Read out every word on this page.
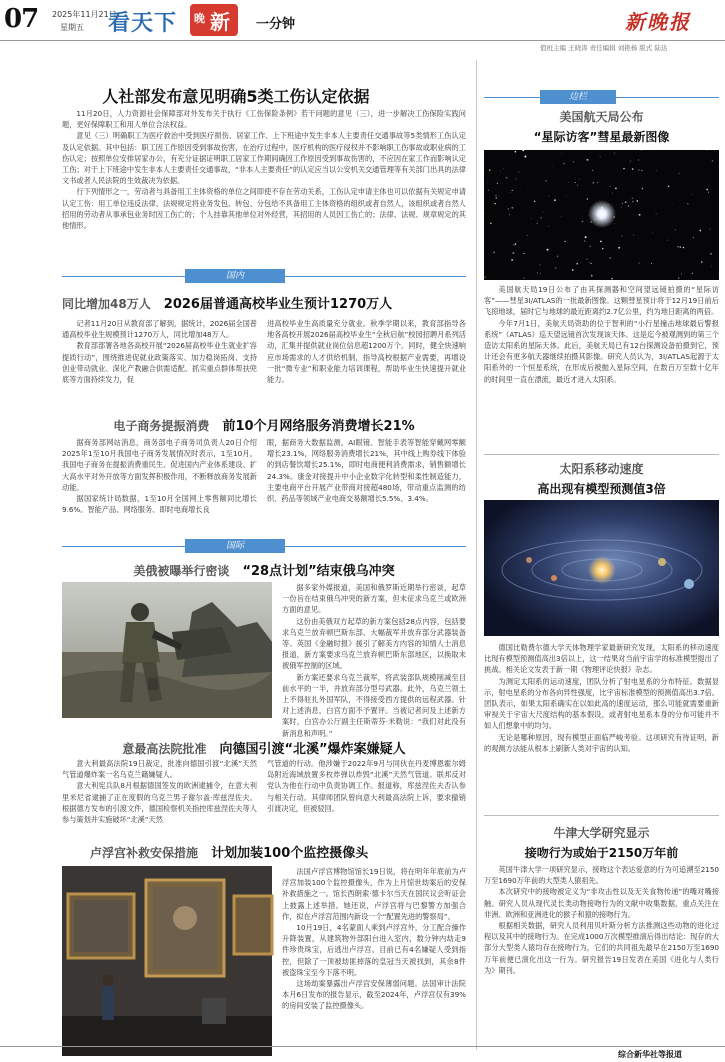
07 2025年11月21日
星期五 看天下 晚 新 一分钟	新晚报
值班主编 王晓涛 责任编辑 刘艳杨 版式 陆达
人社部发布意见明确5类工伤认定依据

11月20日，人力资源社会保障部对外发布关于执行《工伤保险条例》若干问题的意见（三），进一步解决工伤保险实践问题，更好保障职工和用人单位合法权益。

意见（三）明确职工为医疗救治中受到医疗损伤、居家工作、上下班途中发生非本人主要责任交通事故等5类情形工伤认定及认定依据。其中包括：职工因工作原因受到事故伤害，在治疗过程中，医疗机构的医疗侵权并不影响职工伤事故或职业病的工伤认定；按照单位安排居家办公，有充分证据证明职工居家工作期间确因工作原因受到事故伤害的，不应因在家工作而影响认定工伤；对于上下班途中发生非本人主要责任交通事故，“非本人主要责任”的认定应当以公安机关交通管理等有关部门出具的法律文书或者人民法院的生效裁决为依据。

行下列情形之一，劳动者与具备用工主体资格的单位之间即使不存在劳动关系，工伤认定申请主体也可以依据有关规定申请认定工伤：用工单位违反法律、法规规定将业务发包、转包、分包给不具备用工主体资格的组织或者自然人，该组织或者自然人招用的劳动者从事承包业务时因工伤亡的；个人挂靠其他单位对外经营，其招用的人员因工伤亡的；法律、法规、规章规定的其他情形。

国内
同比增加48万人 2026届普通高校毕业生预计1270万人

记者11月20日从教育部了解到，据统计，2026届全国普通高校毕业生规模预计1270万人，同比增加48万人。

教育部部署各地各高校开展“2026届高校毕业生就业扩容提质行动”，围绕推进促就业政策落实、加力稳岗拓岗、支持创业带动就业、深化产教融合供需适配、抓实重点群体帮扶兜底等方面持续发力，促

进高校毕业生高质量充分就业。秋季学期以来，教育部指导各地各高校开展2026届高校毕业生“全秋启航”校园招聘月系列活动，汇集并提供就业岗位信息超1200万个。同时，健全快速响应市场需求的人才供给机制，指导高校根据产业需要，再增设一批“微专业”和职业能力培训课程，帮助毕业生快速提升就业能力。

电子商务提振消费 前10个月网络服务消费增长21%

据商务部网站消息，商务部电子商务司负责人20日介绍2025年1至10月我国电子商务发展情况时表示，1至10月，我国电子商务在提振消费重民生、促进国内产业体系建设、扩大高水平对外开放等方面发挥积极作用，不断释放商务发展新动能。

据国家统计局数据，1至10月全国网上零售额同比增长9.6%。智能产品、网络服务、即时电商增长良

眼，据商务大数据监测，AI眼镜、智能手表等智能穿戴网零额增长23.1%，网络服务消费增长21%，其中线上购券线下体验的到店餐饮增长25.1%，即时电商便利消费需求，销售额增长24.3%。康金对接提升中小企业数字化转型和柔性制造能力，主要电商平台开展产业带商对接超480场，带动重点监测的纺织、药品等领域产业电商交易额增长5.5%、3.4%。

国际
美俄被曝举行密谈 “28点计划”结束俄乌冲突

据多家外媒报道，美国和俄罗斯近期举行密谈，起草一份旨在结束俄乌冲突的新方案，但未征求乌克兰或欧洲方面的意见。

这份由美俄双方起草的新方案包括28点内容，包括要求乌克兰放弃顿巴斯东部、大幅裁军并放弃部分武器装备等。英国《金融时报》援引了解美方内容的知情人士消息报道，新方案要求乌克兰放弃顿巴斯东部地区，以换取未被俄军控制的区域。

新方案还要求乌克兰裁军，将武装部队规模削减至目前水平的一半，并放弃部分型号武器。此外，乌克兰领土上不得驻扎外国军队，不得接受西方提供的远程武器。针对上述消息，白宫方面不予置评。当被记者问及上述新方案时，白宫办公厅副主任斯蒂芬·米勒说：“我们对此没有新消息和声明。”

意最高法院批准 向德国引渡“北溪”爆炸案嫌疑人

意大利最高法院19日裁定，批准向德国引渡“北溪”天然气管道爆炸案一名乌克兰籍嫌疑人。

意大利宪兵队8月根据德国签发的欧洲逮捕令，在意大利里米尼省逮捕了正在度假的乌克兰男子谢尔盖·库兹涅佐夫。根据德方发布的引渡文件，德国检察机关指控库兹涅佐夫等人参与策划并实施破坏“北溪”天然

气管道的行动。他涉嫌于2022年9月与同伙在丹麦博恩霍尔姆岛附近海域放置多枚炸弹以炸毁“北溪”天然气管道。联邦反对党认为他在行动中负责协调工作。报道称，库兹涅佐夫否认参与相关行动。其律师团队曾向意大利最高法院上诉，要求撤销引渡决定，但被驳回。

卢浮宫补救安保措施 计划加装100个监控摄像头

法国卢浮宫博物馆馆长19日说，将在明年年底前为卢浮宫加装100个监控摄像头，作为上月惊世劫案后的安保补救措施之一。馆长西朗索·德卡尔当天在国民议会听证会上披露上述举措。她还说，卢浮宫将与巴黎警方加强合作，拟在卢浮宫范围内新设一个“配置先进的警察局”。

10月19日，4名蒙面人乘到卢浮宫外，分工配合操作升降装置，从建筑物外部阳台进入室内，数分钟内劫走9件珍贵珠宝，后逃出卢浮宫。目前已有4名嫌疑人受到指控，但除了一顶被劫匪掉落的皇冠当天被找到，其余8件被盗珠宝至今下落不明。

这场劫案暴露出卢浮宫安保薄弱问题。法国审计法院本月6日发布的报告显示，截至2024年，卢浮宫仅有39%的房间安装了监控摄像头。

边栏
美国航天局公布
“星际访客”彗星最新图像

美国航天局19日公布了由其探测器和空间望远镜拍摄的“星际访客”——彗星3I/ATLAS的一批最新图像。这颗彗星预计将于12月19日前后飞掠地球，届时它与地球的最近距离约2.7亿公里，约为地日距离的两倍。

今年7月1日，美航天局资助的位于智利的“小行星撞击地球最后警报系统”（ATLAS）巡天望远镜首次发现该天体。这是迄今被观测到的第三个造访太阳系的星际天体。此后，美航天局已有12台探测设备拍摄到它，预计还会有更多航天器继续拍摄其影像。研究人员认为，3I/ATLAS起源于太阳系外的一个恒星系统，在形成后被抛入星际空间，在数百万至数十亿年的时间里一直在漂流，最近才进入太阳系。

太阳系移动速度
高出现有模型预测值3倍

德国比勒费尔德大学天体物理学家最新研究发现，太阳系的移动速度比现有模型预测值高出3倍以上，这一结果对当前宇宙学的标准模型提出了挑战。相关论文发表于新一期《物理评论快报》杂志。

为测定太阳系的运动速度，团队分析了射电星系的分布特征。数据显示，射电星系的分布各向异性强度，比宇宙标准模型的预测值高出3.7倍。团队表示，如果太阳系确实在以如此高的速度运动，那么可能就需要重新审视关于宇宙大尺度结构的基本假设，或者射电星系本身的分布可能并不如人们想象中的均匀。

无论是哪种原因，现有模型正面临严峻考验。这项研究有待证明，新的观测方法能从根本上刷新人类对宇宙的认知。

牛津大学研究显示
接吻行为或始于2150万年前

英国牛津大学一项研究显示，接吻这个表达爱意的行为可追溯至2150万至1690万年前的大型类人猿祖先。

本次研究中的接吻被定义为“非攻击性以及无关食物传递”的嘴对嘴接触。研究人员从现代灵长类动物接吻行为的文献中收集数据，重点关注在非洲、欧洲和亚洲进化的猴子和猿的接吻行为。

根据相关数据，研究人员利用贝叶斯分析方法推测这些动物的进化过程以及其中的接吻行为。在完成1000万次模型推演后得出结论：现存的大部分大型类人猿均存在接吻行为，它们的共同祖先最早在2150万至1690万年前便已演化出这一行为。研究报告19日发表在美国《进化与人类行为》期刊。

综合新华社等报道
